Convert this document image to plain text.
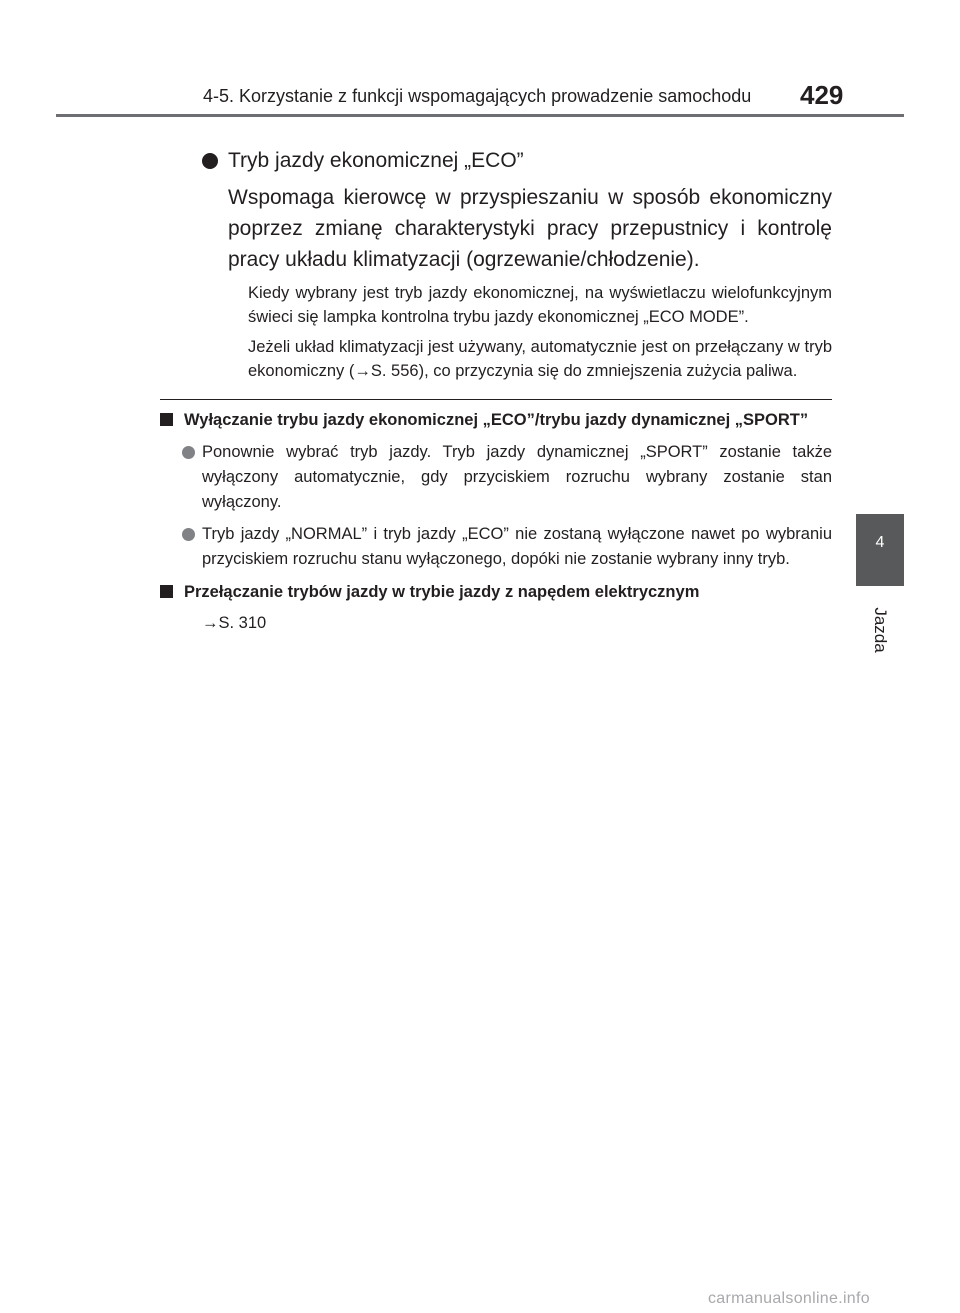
4-5. Korzystanie z funkcji wspomagających prowadzenie samochodu 429
4
Jazda

Tryb jazdy ekonomicznej „ECO”

Wspomaga kierowcę w przyspieszaniu w sposób ekonomiczny poprzez zmianę charakterystyki pracy przepustnicy i kontrolę pracy układu klimatyzacji (ogrzewanie/chłodzenie).

Kiedy wybrany jest tryb jazdy ekonomicznej, na wyświetlaczu wielofunkcyjnym świeci się lampka kontrolna trybu jazdy ekonomicznej „ECO MODE”.

Jeżeli układ klimatyzacji jest używany, automatycznie jest on przełączany w tryb ekonomiczny (→S. 556), co przyczynia się do zmniejszenia zużycia paliwa.

Wyłączanie trybu jazdy ekonomicznej „ECO”/trybu jazdy dynamicznej „SPORT”

Ponownie wybrać tryb jazdy. Tryb jazdy dynamicznej „SPORT” zostanie także wyłączony automatycznie, gdy przyciskiem rozruchu wybrany zostanie stan wyłączony.

Tryb jazdy „NORMAL” i tryb jazdy „ECO” nie zostaną wyłączone nawet po wybraniu przyciskiem rozruchu stanu wyłączonego, dopóki nie zostanie wybrany inny tryb.

Przełączanie trybów jazdy w trybie jazdy z napędem elektrycznym

→S. 310

carmanualsonline.info
